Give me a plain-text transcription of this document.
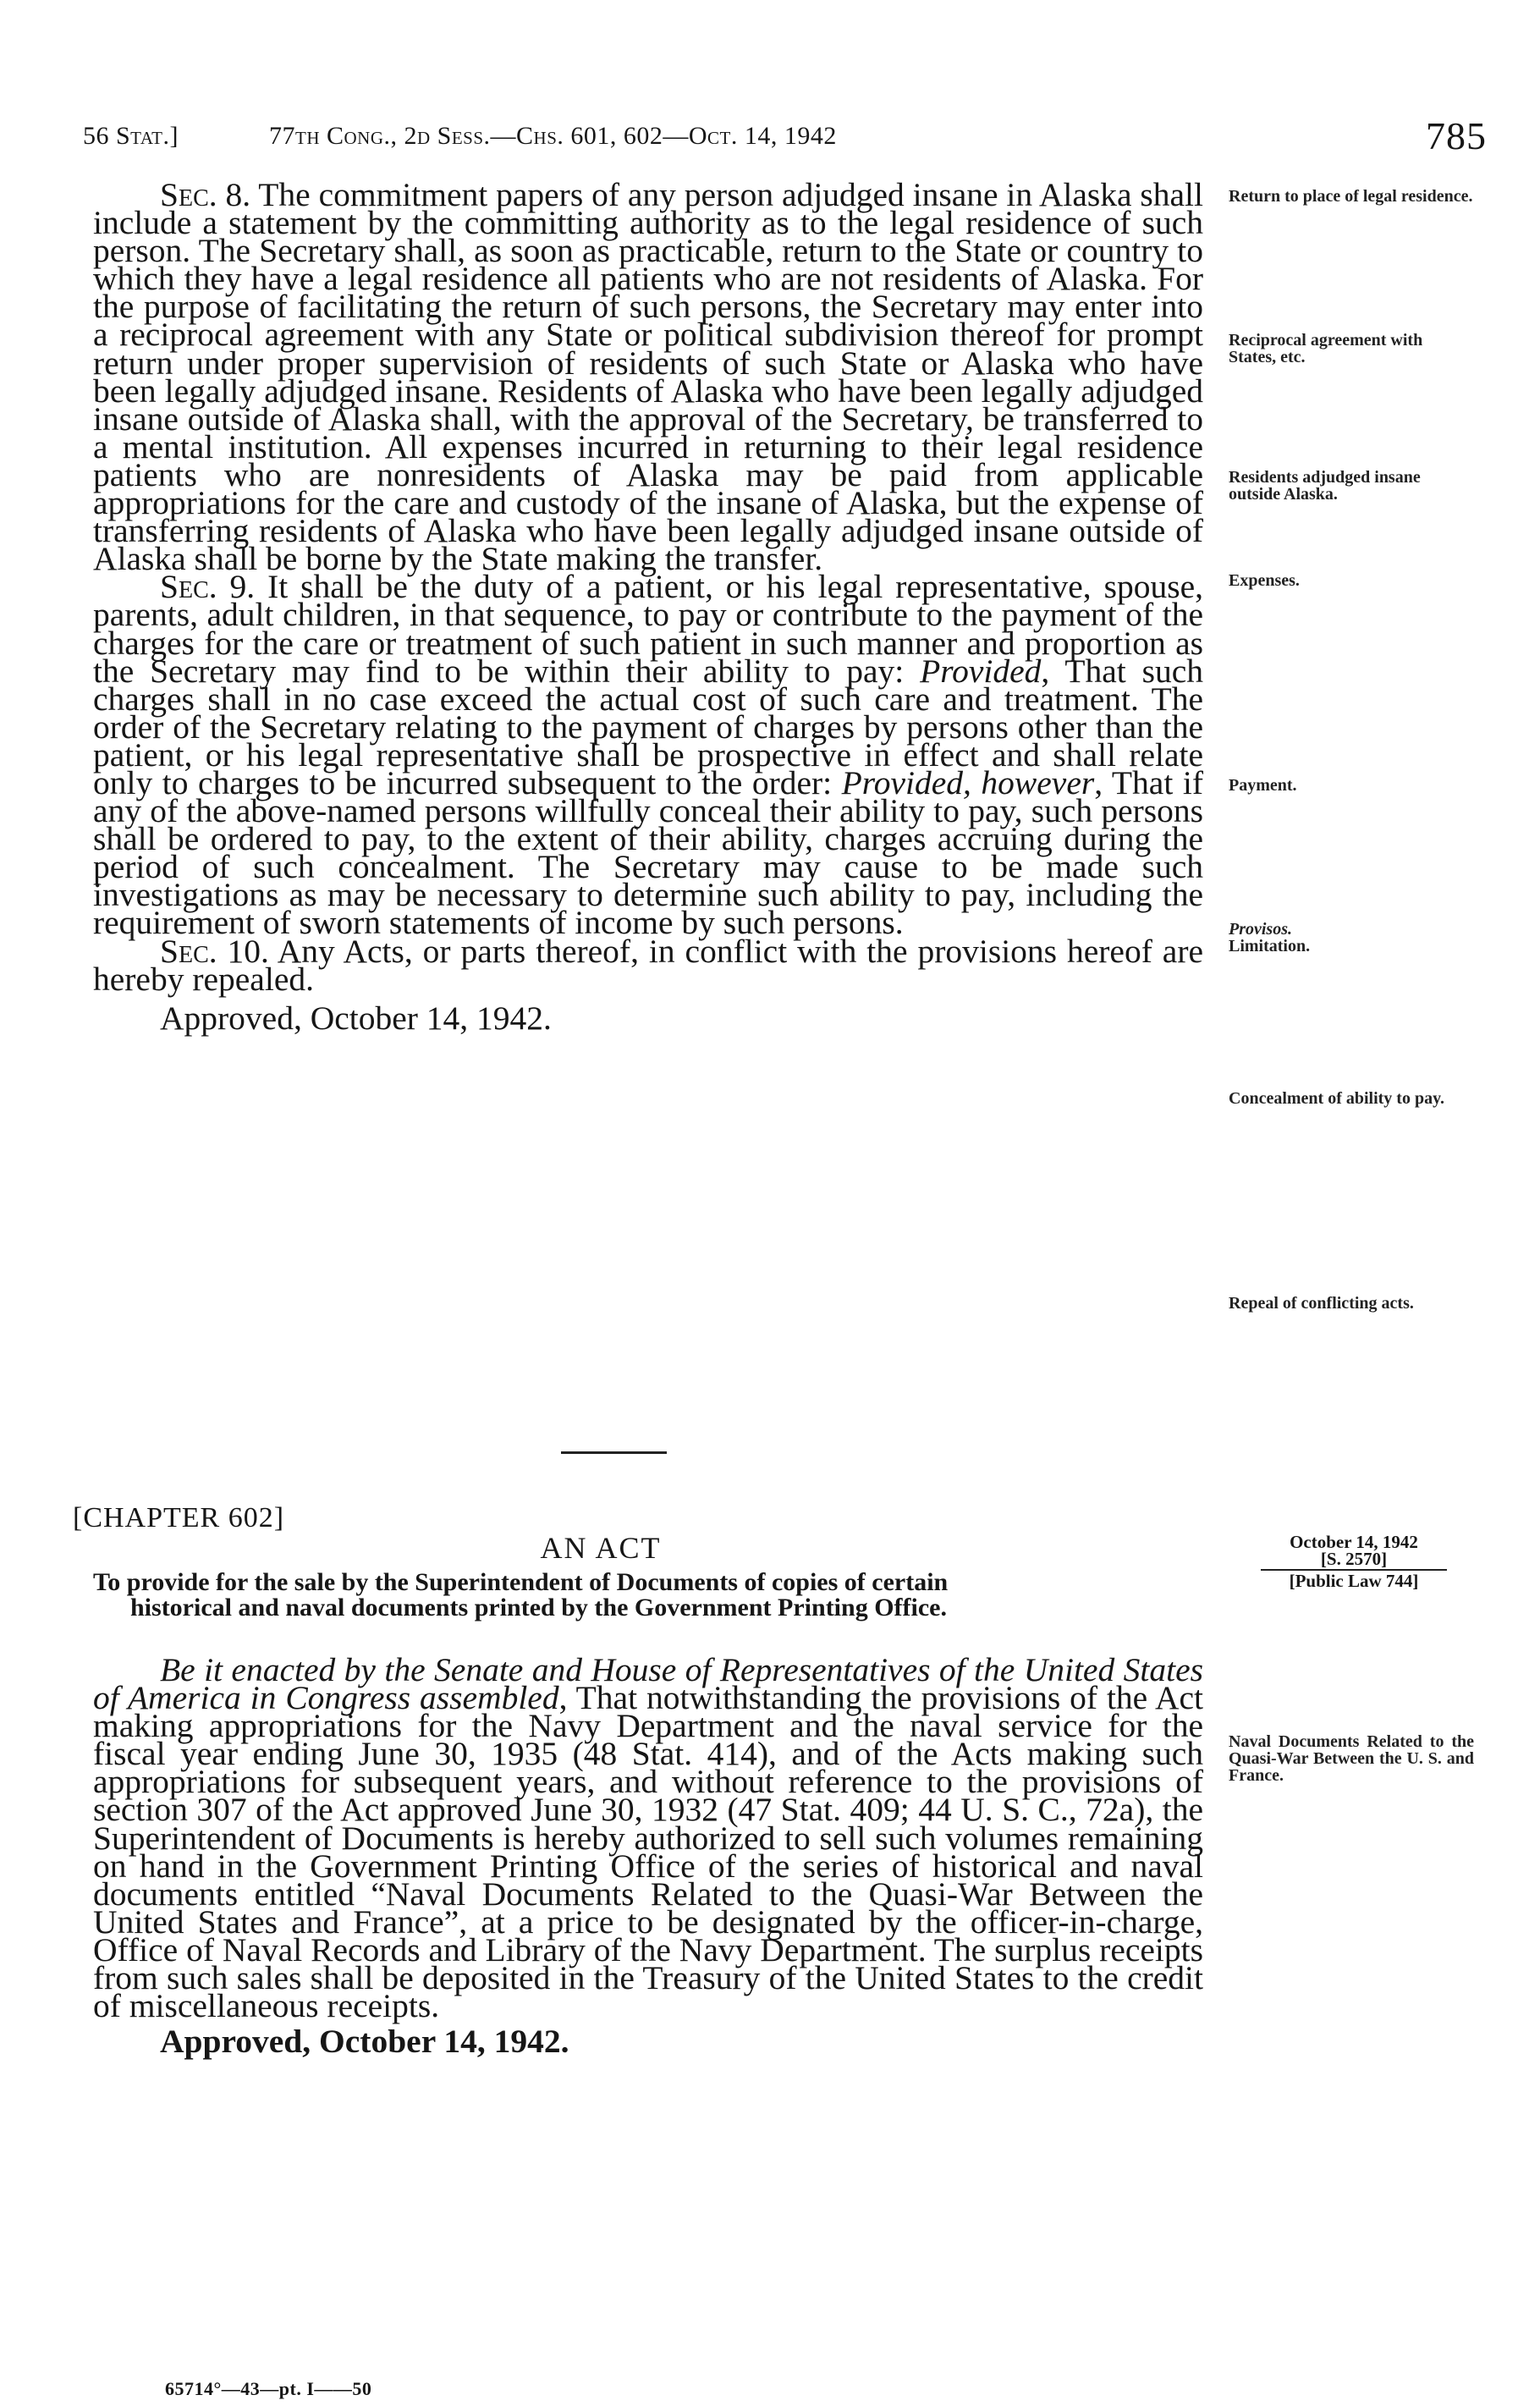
56 Stat.]	77th Cong., 2d Sess.—Chs. 601, 602—Oct. 14, 1942	785

Sec. 8. The commitment papers of any person adjudged insane in Alaska shall include a statement by the committing authority as to the legal residence of such person. The Secretary shall, as soon as practicable, return to the State or country to which they have a legal residence all patients who are not residents of Alaska. For the purpose of facilitating the return of such persons, the Secretary may enter into a reciprocal agreement with any State or political subdivision thereof for prompt return under proper supervision of residents of such State or Alaska who have been legally adjudged insane. Residents of Alaska who have been legally adjudged insane outside of Alaska shall, with the approval of the Secretary, be transferred to a mental institution. All expenses incurred in returning to their legal residence patients who are nonresidents of Alaska may be paid from applicable appropriations for the care and custody of the insane of Alaska, but the expense of transferring residents of Alaska who have been legally adjudged insane outside of Alaska shall be borne by the State making the transfer.

Sec. 9. It shall be the duty of a patient, or his legal representative, spouse, parents, adult children, in that sequence, to pay or contribute to the payment of the charges for the care or treatment of such patient in such manner and proportion as the Secretary may find to be within their ability to pay: Provided, That such charges shall in no case exceed the actual cost of such care and treatment. The order of the Secretary relating to the payment of charges by persons other than the patient, or his legal representative shall be prospective in effect and shall relate only to charges to be incurred subsequent to the order: Provided, however, That if any of the above-named persons willfully conceal their ability to pay, such persons shall be ordered to pay, to the extent of their ability, charges accruing during the period of such concealment. The Secretary may cause to be made such investigations as may be necessary to determine such ability to pay, including the requirement of sworn statements of income by such persons.

Sec. 10. Any Acts, or parts thereof, in conflict with the provisions hereof are hereby repealed.

Approved, October 14, 1942.

Return to place of legal residence.
Reciprocal agreement with States, etc.
Residents adjudged insane outside Alaska.
Expenses.
Payment.
Provisos.
Limitation.
Concealment of ability to pay.
Repeal of conflicting acts.
[CHAPTER 602]
AN ACT
To provide for the sale by the Superintendent of Documents of copies of certain
historical and naval documents printed by the Government Printing Office.
October 14, 1942
[S. 2570]
[Public Law 744]

Be it enacted by the Senate and House of Representatives of the United States of America in Congress assembled, That notwithstanding the provisions of the Act making appropriations for the Navy Department and the naval service for the fiscal year ending June 30, 1935 (48 Stat. 414), and of the Acts making such appropriations for subsequent years, and without reference to the provisions of section 307 of the Act approved June 30, 1932 (47 Stat. 409; 44 U. S. C., 72a), the Superintendent of Documents is hereby authorized to sell such volumes remaining on hand in the Government Printing Office of the series of historical and naval documents entitled “Naval Documents Related to the Quasi-War Between the United States and France”, at a price to be designated by the officer-in-charge, Office of Naval Records and Library of the Navy Department. The surplus receipts from such sales shall be deposited in the Treasury of the United States to the credit of miscellaneous receipts.

Approved, October 14, 1942.

Naval Documents Related to the Quasi-War Between the U. S. and France.
65714°—43—pt. I——50
